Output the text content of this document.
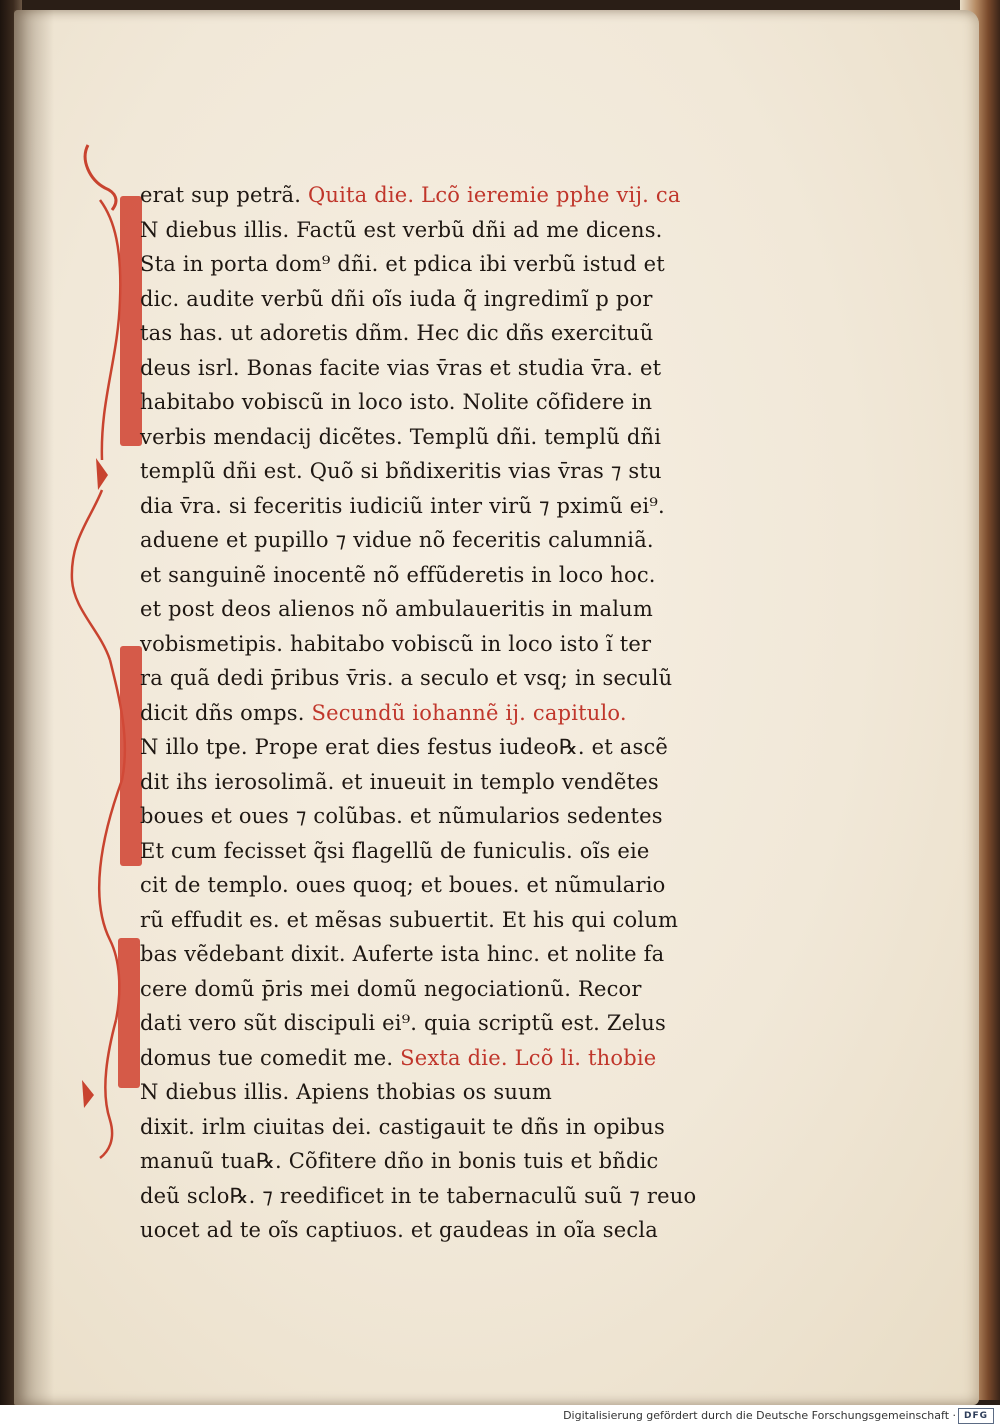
erat sup petrã. Quita die. Lcõ ieremie pphe vij. ca
N diebus illis. Factũ est verbũ dñi ad me dicens.
Sta in porta dom⁹ dñi. et pdica ibi verbũ istud et
dic. audite verbũ dñi oĩs iuda q̃ ingredimĩ p por
tas has. ut adoretis dñm. Hec dic dñs exercituũ
deus isrl. Bonas facite vias v̄ras et studia v̄ra. et
habitabo vobiscũ in loco isto. Nolite cõfidere in
verbis mendacij dicẽtes. Templũ dñi. templũ dñi
templũ dñi est. Quõ si bñdixeritis vias v̄ras ⁊ stu
dia v̄ra. si feceritis iudiciũ inter virũ ⁊ pximũ ei⁹.
aduene et pupillo ⁊ vidue nõ feceritis calumniã.
et sanguinẽ inocentẽ nõ effũderetis in loco hoc.
et post deos alienos nõ ambulaueritis in malum
vobismetipis. habitabo vobiscũ in loco isto ĩ ter
ra quã dedi p̄ribus v̄ris. a seculo et vsq; in seculũ
dicit dñs omps. Secundũ iohannẽ ij. capitulo.
N illo tpe. Prope erat dies festus iudeo℞. et ascẽ
dit ihs ierosolimã. et inueuit in templo vendẽtes
boues et oues ⁊ colũbas. et nũmularios sedentes
Et cum fecisset q̃si flagellũ de funiculis. oĩs eie
cit de templo. oues quoq; et boues. et nũmulario
rũ effudit es. et mẽsas subuertit. Et his qui colum
bas vẽdebant dixit. Auferte ista hinc. et nolite fa
cere domũ p̄ris mei domũ negociationũ. Recor
dati vero sũt discipuli ei⁹. quia scriptũ est. Zelus
domus tue comedit me. Sexta die. Lcõ li. thobie
N diebus illis. Apiens thobias os suum
dixit. irlm ciuitas dei. castigauit te dñs in opibus
manuũ tua℞. Cõfitere dño in bonis tuis et bñdic
deũ sclo℞. ⁊ reedificet in te tabernaculũ suũ ⁊ reuo
uocet ad te oĩs captiuos. et gaudeas in oĩa secla
Digitalisierung gefördert durch die Deutsche Forschungsgemeinschaft · DFG
